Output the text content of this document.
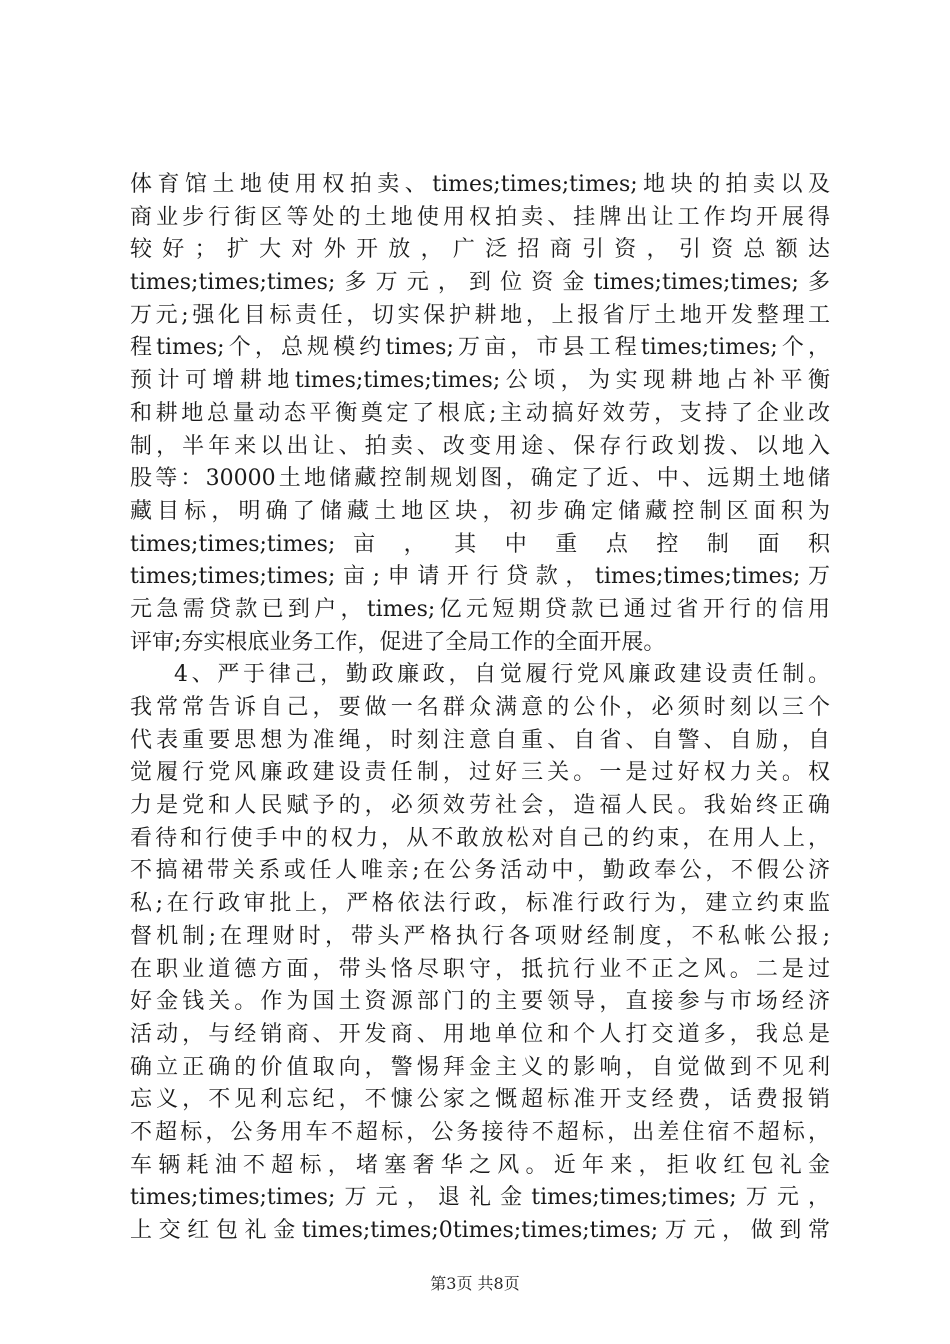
体育馆土地使用权拍卖、times;times;times;地块的拍卖以及
商业步行街区等处的土地使用权拍卖、挂牌出让工作均开展得
较好；扩大对外开放，广泛招商引资，引资总额达
times;times;times;多万元，到位资金times;times;times;多
万元;强化目标责任，切实保护耕地，上报省厅土地开发整理工
程times;个，总规模约times;万亩，市县工程times;times;个，
预计可增耕地times;times;times;公顷，为实现耕地占补平衡
和耕地总量动态平衡奠定了根底;主动搞好效劳，支持了企业改
制，半年来以出让、拍卖、改变用途、保存行政划拨、以地入
股等：30000土地储藏控制规划图，确定了近、中、远期土地储
藏目标，明确了储藏土地区块，初步确定储藏控制区面积为
times;times;times; 亩 ， 其 中 重 点 控 制 面 积
times;times;times;亩;申请开行贷款，times;times;times;万
元急需贷款已到户，times;亿元短期贷款已通过省开行的信用
评审;夯实根底业务工作，促进了全局工作的全面开展。
4、严于律己，勤政廉政，自觉履行党风廉政建设责任制。
我常常告诉自己，要做一名群众满意的公仆，必须时刻以三个
代表重要思想为准绳，时刻注意自重、自省、自警、自励，自
觉履行党风廉政建设责任制，过好三关。一是过好权力关。权
力是党和人民赋予的，必须效劳社会，造福人民。我始终正确
看待和行使手中的权力，从不敢放松对自己的约束，在用人上，
不搞裙带关系或任人唯亲;在公务活动中，勤政奉公，不假公济
私;在行政审批上，严格依法行政，标准行政行为，建立约束监
督机制;在理财时，带头严格执行各项财经制度，不私帐公报;
在职业道德方面，带头恪尽职守，抵抗行业不正之风。二是过
好金钱关。作为国土资源部门的主要领导，直接参与市场经济
活动，与经销商、开发商、用地单位和个人打交道多，我总是
确立正确的价值取向，警惕拜金主义的影响，自觉做到不见利
忘义，不见利忘纪，不慷公家之慨超标准开支经费，话费报销
不超标，公务用车不超标，公务接待不超标，出差住宿不超标，
车辆耗油不超标，堵塞奢华之风。近年来，拒收红包礼金
times;times;times;万元，退礼金times;times;times;万元，
上交红包礼金times;times;0times;times;times;万元，做到常
第3页 共8页
